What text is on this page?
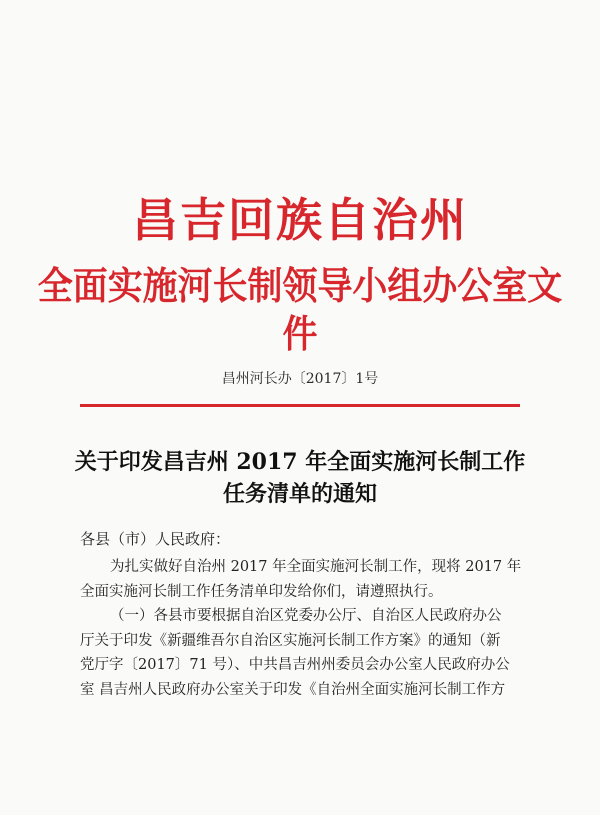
昌吉回族自治州
全面实施河长制领导小组办公室文件
昌州河长办〔2017〕1号
关于印发昌吉州 2017 年全面实施河长制工作
任务清单的通知
各县（市）人民政府：
为扎实做好自治州 2017 年全面实施河长制工作，现将 2017 年
全面实施河长制工作任务清单印发给你们，请遵照执行。
（一）各县市要根据自治区党委办公厅、自治区人民政府办公
厅关于印发《新疆维吾尔自治区实施河长制工作方案》的通知（新
党厅字〔2017〕71 号）、中共昌吉州州委员会办公室人民政府办公
室 昌吉州人民政府办公室关于印发《自治州全面实施河长制工作方
